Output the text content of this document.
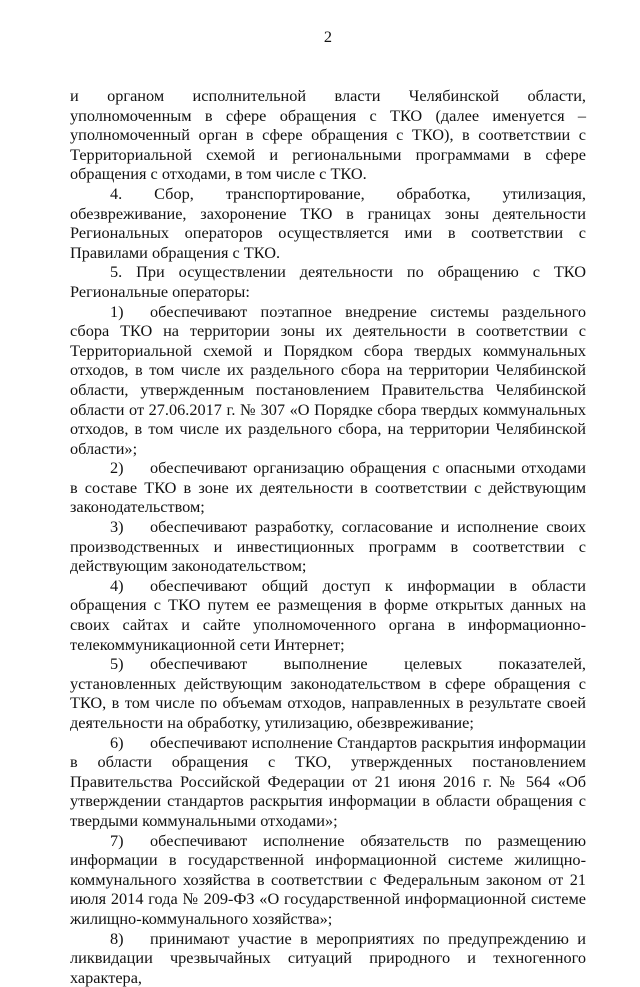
2

и органом исполнительной власти Челябинской области, уполномоченным в сфере обращения с ТКО (далее именуется – уполномоченный орган в сфере обращения с ТКО), в соответствии с Территориальной схемой и региональными программами в сфере обращения с отходами, в том числе с ТКО.

4. Сбор, транспортирование, обработка, утилизация, обезвреживание, захоронение ТКО в границах зоны деятельности Региональных операторов осуществляется ими в соответствии с Правилами обращения с ТКО.

5. При осуществлении деятельности по обращению с ТКО Региональные операторы:

1) обеспечивают поэтапное внедрение системы раздельного сбора ТКО на территории зоны их деятельности в соответствии с Территориальной схемой и Порядком сбора твердых коммунальных отходов, в том числе их раздельного сбора на территории Челябинской области, утвержденным постановлением Правительства Челябинской области от 27.06.2017 г. № 307 «О Порядке сбора твердых коммунальных отходов, в том числе их раздельного сбора, на территории Челябинской области»;

2) обеспечивают организацию обращения с опасными отходами в составе ТКО в зоне их деятельности в соответствии с действующим законодательством;

3) обеспечивают разработку, согласование и исполнение своих производственных и инвестиционных программ в соответствии с действующим законодательством;

4) обеспечивают общий доступ к информации в области обращения с ТКО путем ее размещения в форме открытых данных на своих сайтах и сайте уполномоченного органа в информационно-телекоммуникационной сети Интернет;

5) обеспечивают выполнение целевых показателей, установленных действующим законодательством в сфере обращения с ТКО, в том числе по объемам отходов, направленных в результате своей деятельности на обработку, утилизацию, обезвреживание;

6) обеспечивают исполнение Стандартов раскрытия информации в области обращения с ТКО, утвержденных постановлением Правительства Российской Федерации от 21 июня 2016 г. № 564 «Об утверждении стандартов раскрытия информации в области обращения с твердыми коммунальными отходами»;

7) обеспечивают исполнение обязательств по размещению информации в государственной информационной системе жилищно-коммунального хозяйства в соответствии с Федеральным законом от 21 июля 2014 года № 209-ФЗ «О государственной информационной системе жилищно-коммунального хозяйства»;

8) принимают участие в мероприятиях по предупреждению и ликвидации чрезвычайных ситуаций природного и техногенного характера,
